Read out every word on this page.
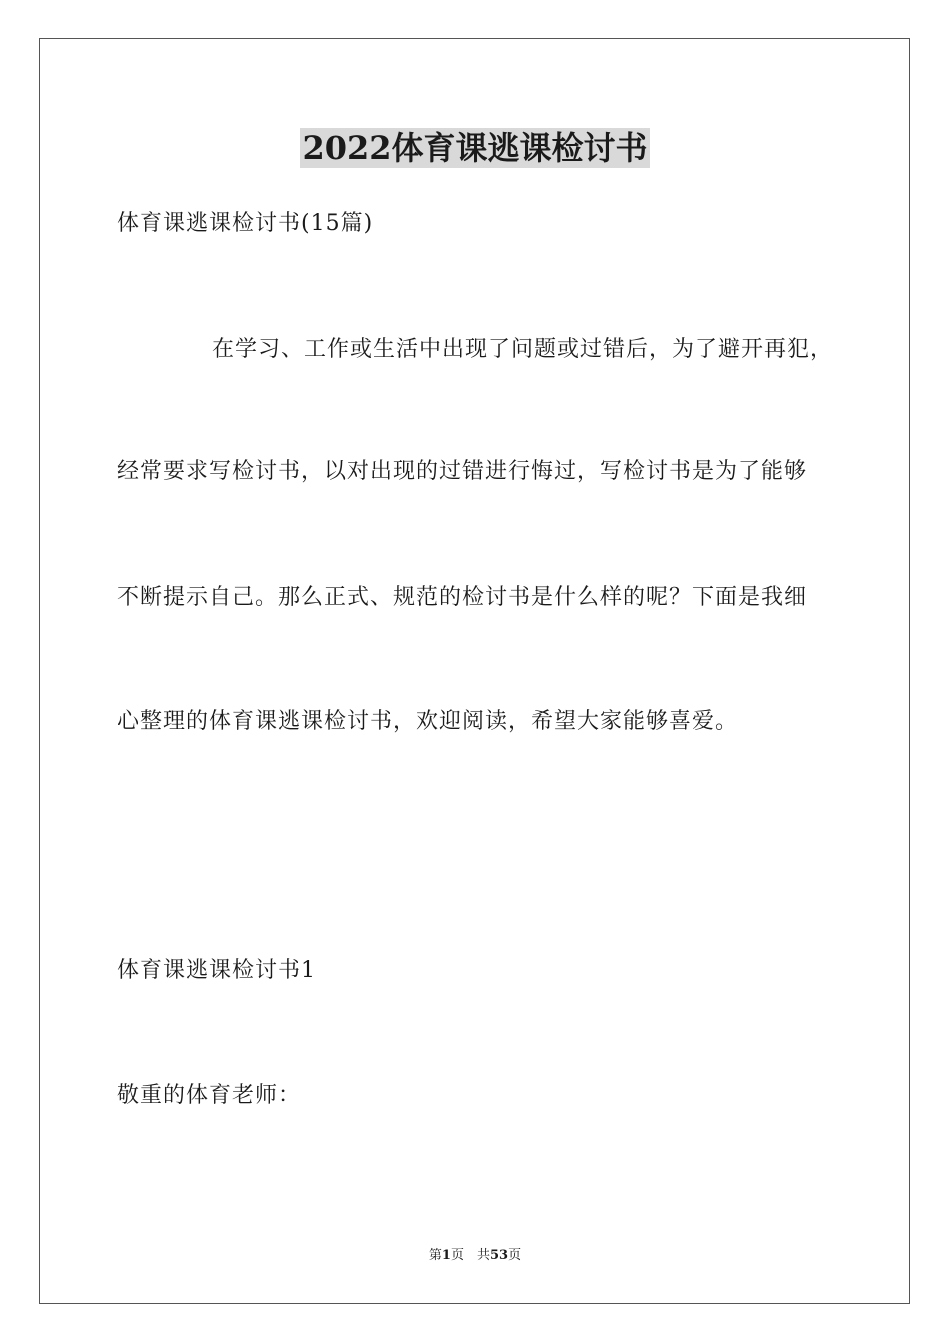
2022体育课逃课检讨书
体育课逃课检讨书(15篇)
在学习、工作或生活中出现了问题或过错后，为了避开再犯，
经常要求写检讨书，以对出现的过错进行悔过，写检讨书是为了能够
不断提示自己。那么正式、规范的检讨书是什么样的呢？下面是我细
心整理的体育课逃课检讨书，欢迎阅读，希望大家能够喜爱。
体育课逃课检讨书1
敬重的体育老师：
第1页　共53页
